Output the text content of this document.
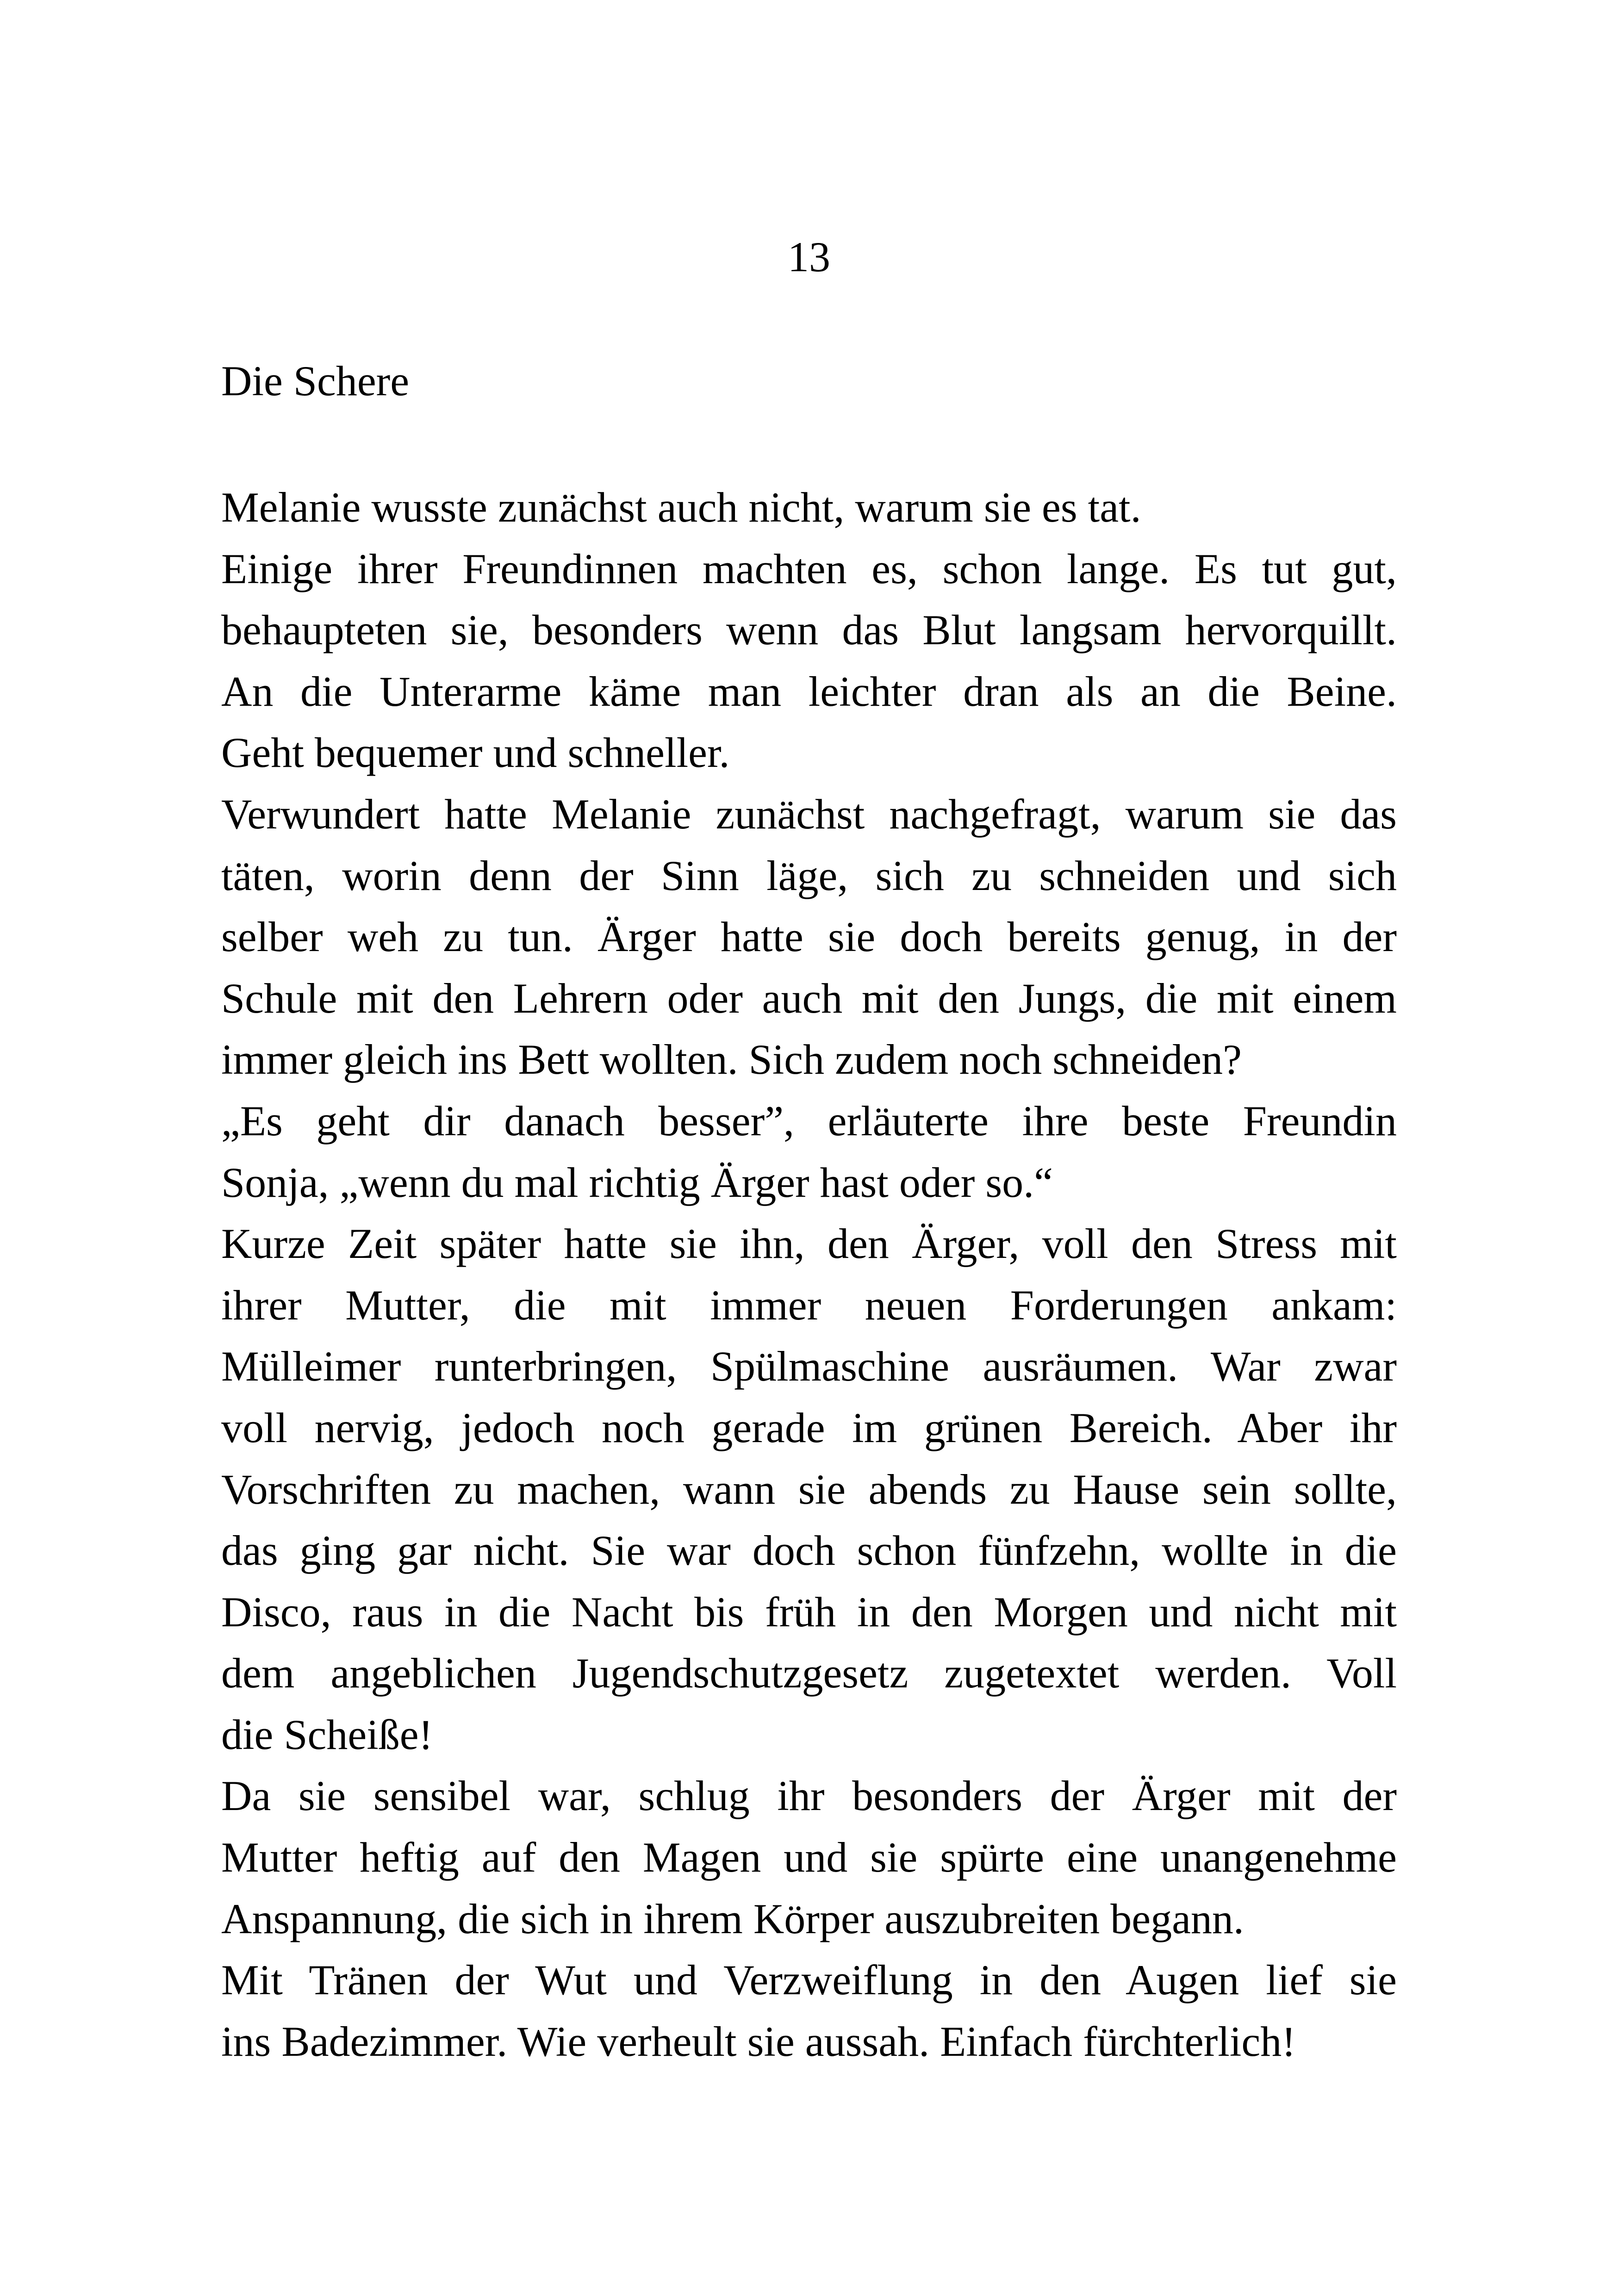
13
Die Schere
Melanie wusste zunächst auch nicht, warum sie es tat.
Einige ihrer Freundinnen machten es, schon lange. Es tut gut,
behaupteten sie, besonders wenn das Blut langsam hervorquillt.
An die Unterarme käme man leichter dran als an die Beine.
Geht bequemer und schneller.
Verwundert hatte Melanie zunächst nachgefragt, warum sie das
täten, worin denn der Sinn läge, sich zu schneiden und sich
selber weh zu tun. Ärger hatte sie doch bereits genug, in der
Schule mit den Lehrern oder auch mit den Jungs, die mit einem
immer gleich ins Bett wollten. Sich zudem noch schneiden?
„Es geht dir danach besser”, erläuterte ihre beste Freundin
Sonja, „wenn du mal richtig Ärger hast oder so.“
Kurze Zeit später hatte sie ihn, den Ärger, voll den Stress mit
ihrer Mutter, die mit immer neuen Forderungen ankam:
Mülleimer runterbringen, Spülmaschine ausräumen. War zwar
voll nervig, jedoch noch gerade im grünen Bereich. Aber ihr
Vorschriften zu machen, wann sie abends zu Hause sein sollte,
das ging gar nicht. Sie war doch schon fünfzehn, wollte in die
Disco, raus in die Nacht bis früh in den Morgen und nicht mit
dem angeblichen Jugendschutzgesetz zugetextet werden. Voll
die Scheiße!
Da sie sensibel war, schlug ihr besonders der Ärger mit der
Mutter heftig auf den Magen und sie spürte eine unangenehme
Anspannung, die sich in ihrem Körper auszubreiten begann.
Mit Tränen der Wut und Verzweiflung in den Augen lief sie
ins Badezimmer. Wie verheult sie aussah. Einfach fürchterlich!
